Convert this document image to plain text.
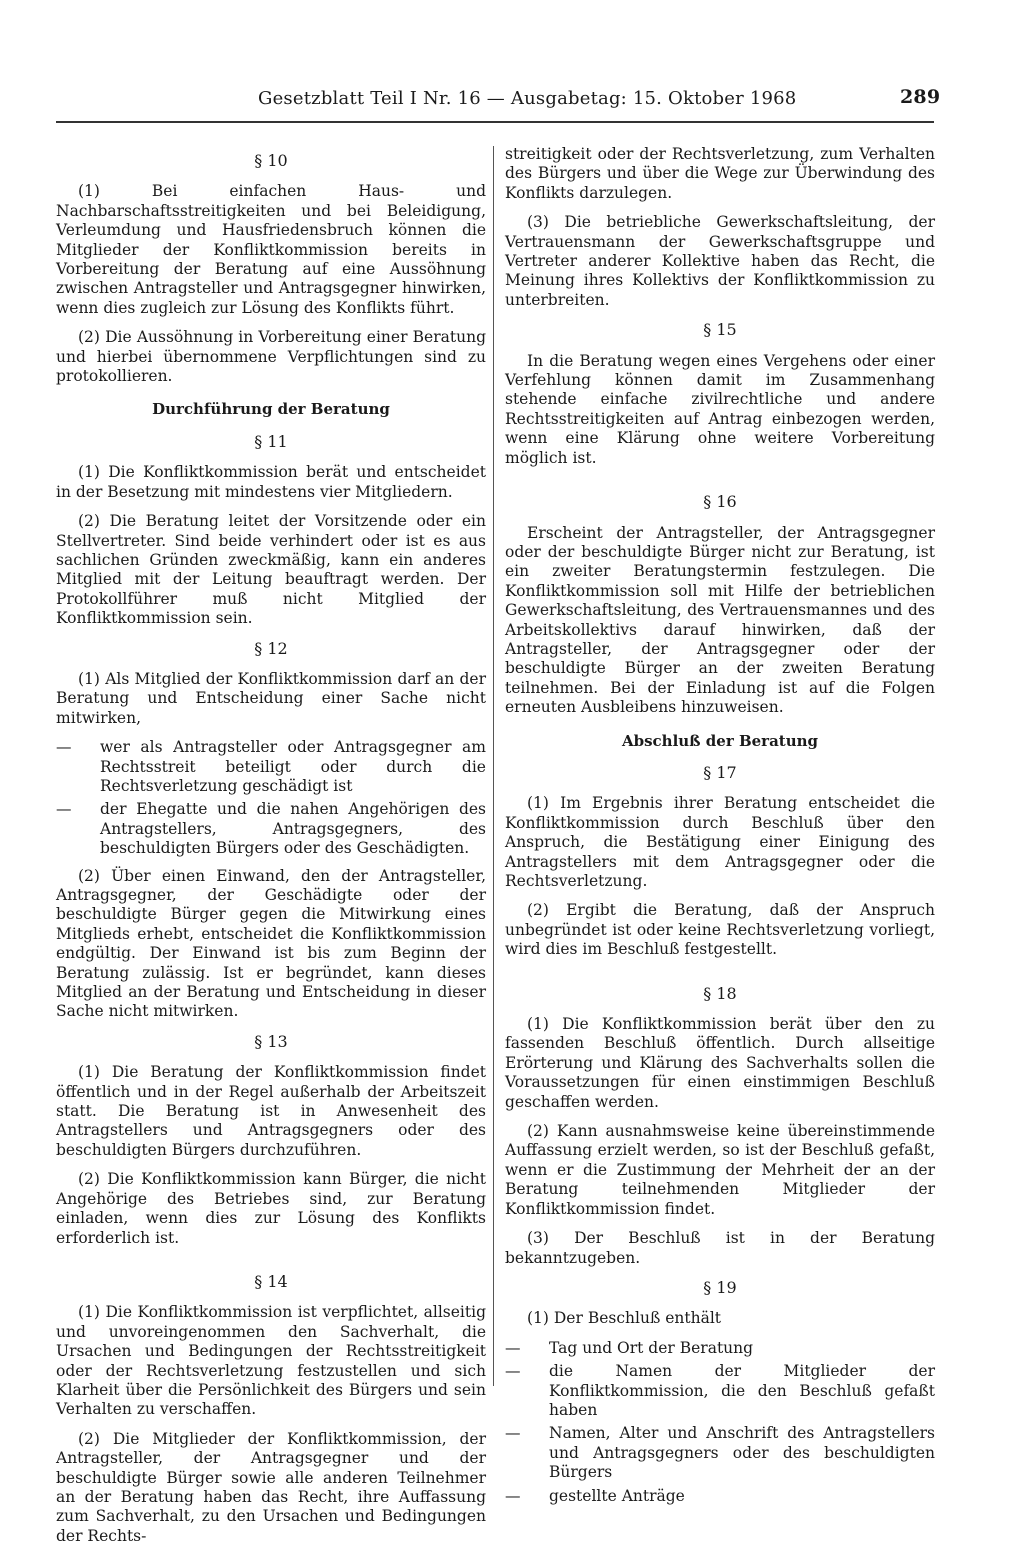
Gesetzblatt Teil I Nr. 16 — Ausgabetag: 15. Oktober 1968	289
§ 10

(1) Bei einfachen Haus- und Nachbarschaftsstreitigkeiten und bei Beleidigung, Verleumdung und Hausfriedensbruch können die Mitglieder der Konfliktkommission bereits in Vorbereitung der Beratung auf eine Aussöhnung zwischen Antragsteller und Antragsgegner hinwirken, wenn dies zugleich zur Lösung des Konflikts führt.

(2) Die Aussöhnung in Vorbereitung einer Beratung und hierbei übernommene Verpflichtungen sind zu protokollieren.

Durchführung der Beratung
§ 11

(1) Die Konfliktkommission berät und entscheidet in der Besetzung mit mindestens vier Mitgliedern.

(2) Die Beratung leitet der Vorsitzende oder ein Stellvertreter. Sind beide verhindert oder ist es aus sachlichen Gründen zweckmäßig, kann ein anderes Mitglied mit der Leitung beauftragt werden. Der Protokollführer muß nicht Mitglied der Konfliktkommission sein.

§ 12

(1) Als Mitglied der Konfliktkommission darf an der Beratung und Entscheidung einer Sache nicht mitwirken,

— wer als Antragsteller oder Antragsgegner am Rechtsstreit beteiligt oder durch die Rechtsverletzung geschädigt ist
— der Ehegatte und die nahen Angehörigen des Antragstellers, Antragsgegners, des beschuldigten Bürgers oder des Geschädigten.

(2) Über einen Einwand, den der Antragsteller, Antragsgegner, der Geschädigte oder der beschuldigte Bürger gegen die Mitwirkung eines Mitglieds erhebt, entscheidet die Konfliktkommission endgültig. Der Einwand ist bis zum Beginn der Beratung zulässig. Ist er begründet, kann dieses Mitglied an der Beratung und Entscheidung in dieser Sache nicht mitwirken.

§ 13

(1) Die Beratung der Konfliktkommission findet öffentlich und in der Regel außerhalb der Arbeitszeit statt. Die Beratung ist in Anwesenheit des Antragstellers und Antragsgegners oder des beschuldigten Bürgers durchzuführen.

(2) Die Konfliktkommission kann Bürger, die nicht Angehörige des Betriebes sind, zur Beratung einladen, wenn dies zur Lösung des Konflikts erforderlich ist.

§ 14

(1) Die Konfliktkommission ist verpflichtet, allseitig und unvoreingenommen den Sachverhalt, die Ursachen und Bedingungen der Rechtsstreitigkeit oder der Rechtsverletzung festzustellen und sich Klarheit über die Persönlichkeit des Bürgers und sein Verhalten zu verschaffen.

(2) Die Mitglieder der Konfliktkommission, der Antragsteller, der Antragsgegner und der beschuldigte Bürger sowie alle anderen Teilnehmer an der Beratung haben das Recht, ihre Auffassung zum Sachverhalt, zu den Ursachen und Bedingungen der Rechts-

streitigkeit oder der Rechtsverletzung, zum Verhalten des Bürgers und über die Wege zur Überwindung des Konflikts darzulegen.

(3) Die betriebliche Gewerkschaftsleitung, der Vertrauensmann der Gewerkschaftsgruppe und Vertreter anderer Kollektive haben das Recht, die Meinung ihres Kollektivs der Konfliktkommission zu unterbreiten.

§ 15

In die Beratung wegen eines Vergehens oder einer Verfehlung können damit im Zusammenhang stehende einfache zivilrechtliche und andere Rechtsstreitigkeiten auf Antrag einbezogen werden, wenn eine Klärung ohne weitere Vorbereitung möglich ist.

§ 16

Erscheint der Antragsteller, der Antragsgegner oder der beschuldigte Bürger nicht zur Beratung, ist ein zweiter Beratungstermin festzulegen. Die Konfliktkommission soll mit Hilfe der betrieblichen Gewerkschaftsleitung, des Vertrauensmannes und des Arbeitskollektivs darauf hinwirken, daß der Antragsteller, der Antragsgegner oder der beschuldigte Bürger an der zweiten Beratung teilnehmen. Bei der Einladung ist auf die Folgen erneuten Ausbleibens hinzuweisen.

Abschluß der Beratung
§ 17

(1) Im Ergebnis ihrer Beratung entscheidet die Konfliktkommission durch Beschluß über den Anspruch, die Bestätigung einer Einigung des Antragstellers mit dem Antragsgegner oder die Rechtsverletzung.

(2) Ergibt die Beratung, daß der Anspruch unbegründet ist oder keine Rechtsverletzung vorliegt, wird dies im Beschluß festgestellt.

§ 18

(1) Die Konfliktkommission berät über den zu fassenden Beschluß öffentlich. Durch allseitige Erörterung und Klärung des Sachverhalts sollen die Voraussetzungen für einen einstimmigen Beschluß geschaffen werden.

(2) Kann ausnahmsweise keine übereinstimmende Auffassung erzielt werden, so ist der Beschluß gefaßt, wenn er die Zustimmung der Mehrheit der an der Beratung teilnehmenden Mitglieder der Konfliktkommission findet.

(3) Der Beschluß ist in der Beratung bekanntzugeben.

§ 19

(1) Der Beschluß enthält

— Tag und Ort der Beratung
— die Namen der Mitglieder der Konfliktkommission, die den Beschluß gefaßt haben
— Namen, Alter und Anschrift des Antragstellers und Antragsgegners oder des beschuldigten Bürgers
— gestellte Anträge
